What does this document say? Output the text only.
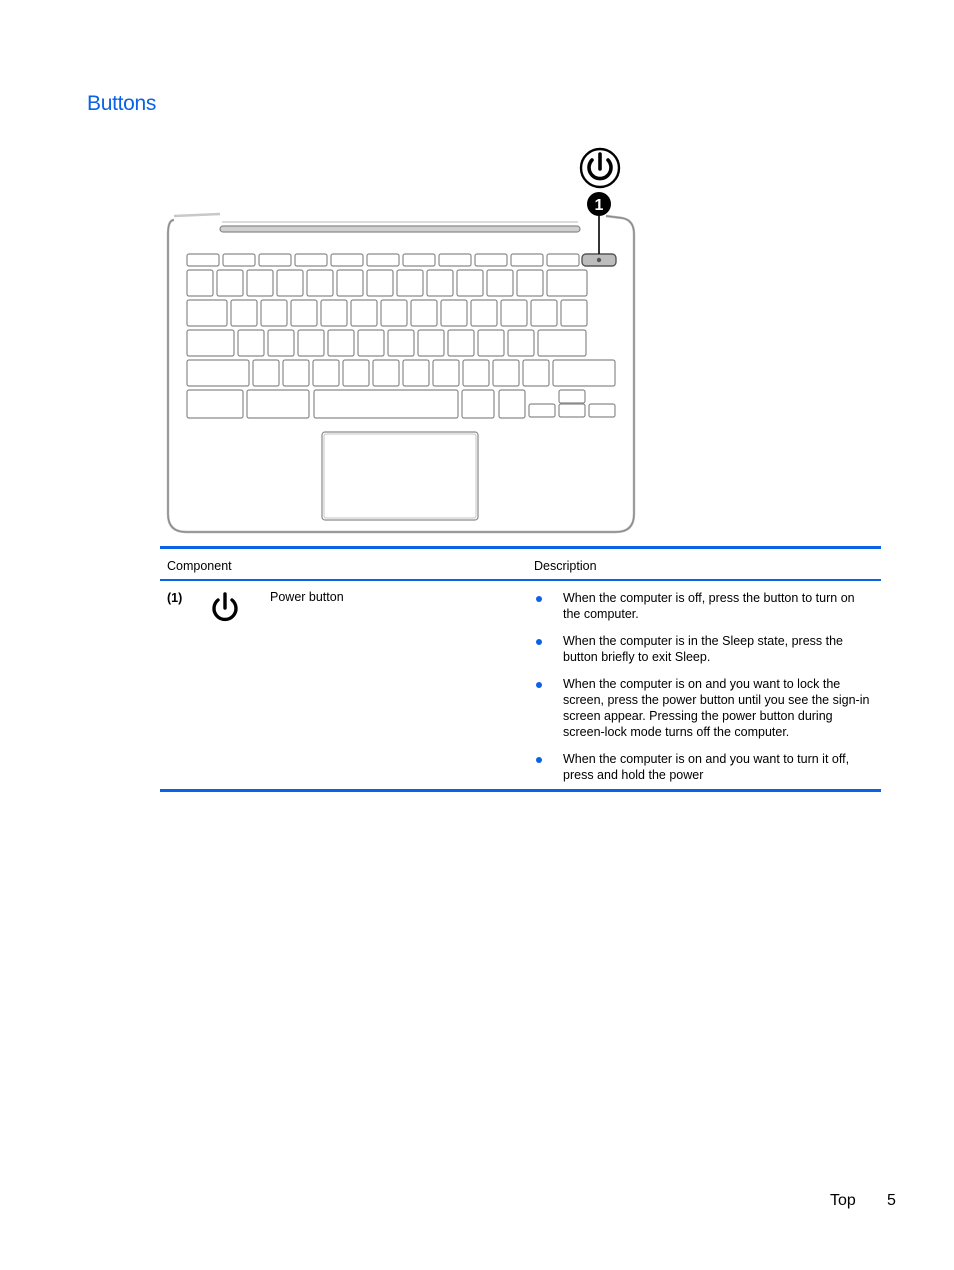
Buttons
1
Component	Description
(1)	Power button	When the computer is off, press the button to turn on the computer.
When the computer is in the Sleep state, press the button briefly to exit Sleep.
When the computer is on and you want to lock the screen, press the power button until you see the sign-in screen appear. Pressing the power button during screen-lock mode turns off the computer.
When the computer is on and you want to turn it off, press and hold the power
Top 5
